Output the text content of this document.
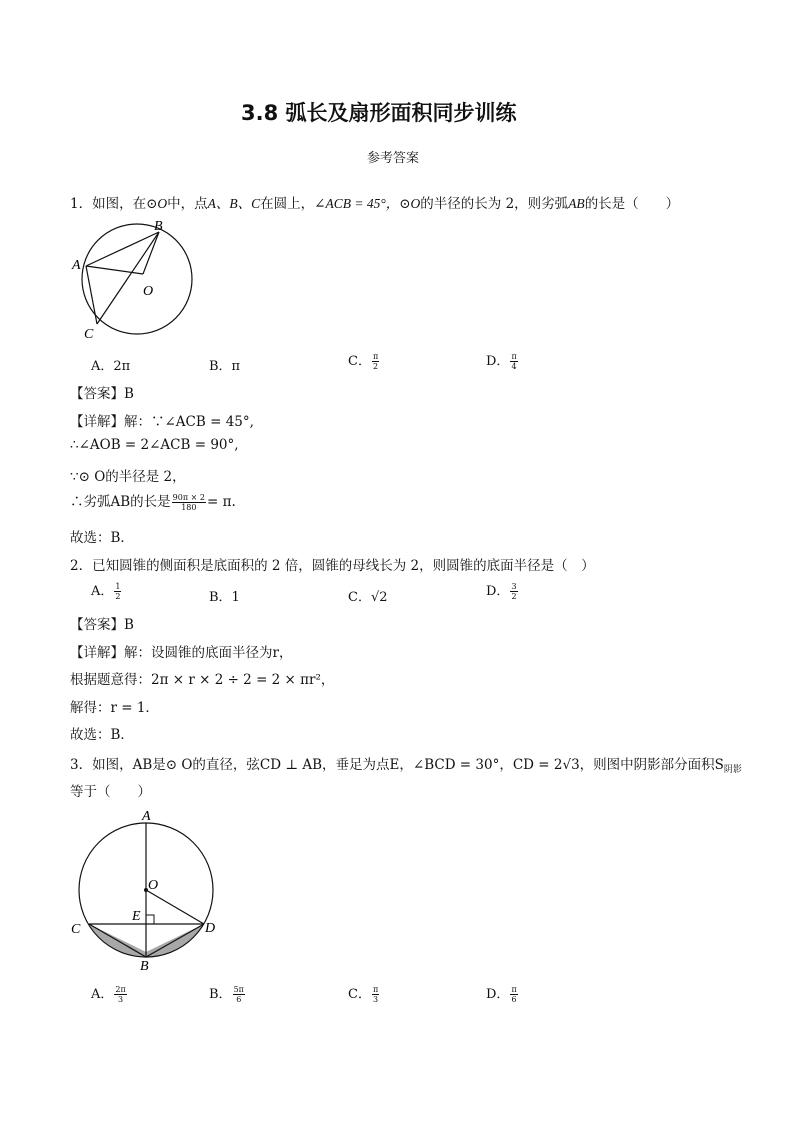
3.8 弧长及扇形面积同步训练
参考答案
1．如图，在⊙O中，点A、B、C在圆上，∠ACB = 45°，⊙O的半径的长为 2，则劣弧AB的长是（　　）
A
B
O
C
A．2π	B．π	C． $\frac{\pi}{2}$	D． $\frac{\pi}{4}$
【答案】B
【详解】解：∵∠ACB = 45°,
∴∠AOB = 2∠ACB = 90°,
∵⊙ O的半径是 2，
∴劣弧AB的长是 $\frac{90\pi \times 2}{180} = \pi$.
故选：B．
2．已知圆锥的侧面积是底面积的 2 倍，圆锥的母线长为 2，则圆锥的底面半径是（　）
A． $\frac{1}{2}$	B．1	C．√2	D． $\frac{3}{2}$
【答案】B
【详解】解：设圆锥的底面半径为r，
根据题意得：2π × r × 2 ÷ 2 = 2 × πr²，
解得：r = 1．
故选：B．
3．如图，AB是⊙ O的直径，弦CD ⊥ AB，垂足为点E，∠BCD = 30°，CD = 2√3，则图中阴影部分面积$S_{阴影}$
等于（　　）
A
O
E
C	D
B
A． $\frac{2\pi}{3}$	B． $\frac{5\pi}{6}$	C． $\frac{\pi}{3}$	D． $\frac{\pi}{6}$
